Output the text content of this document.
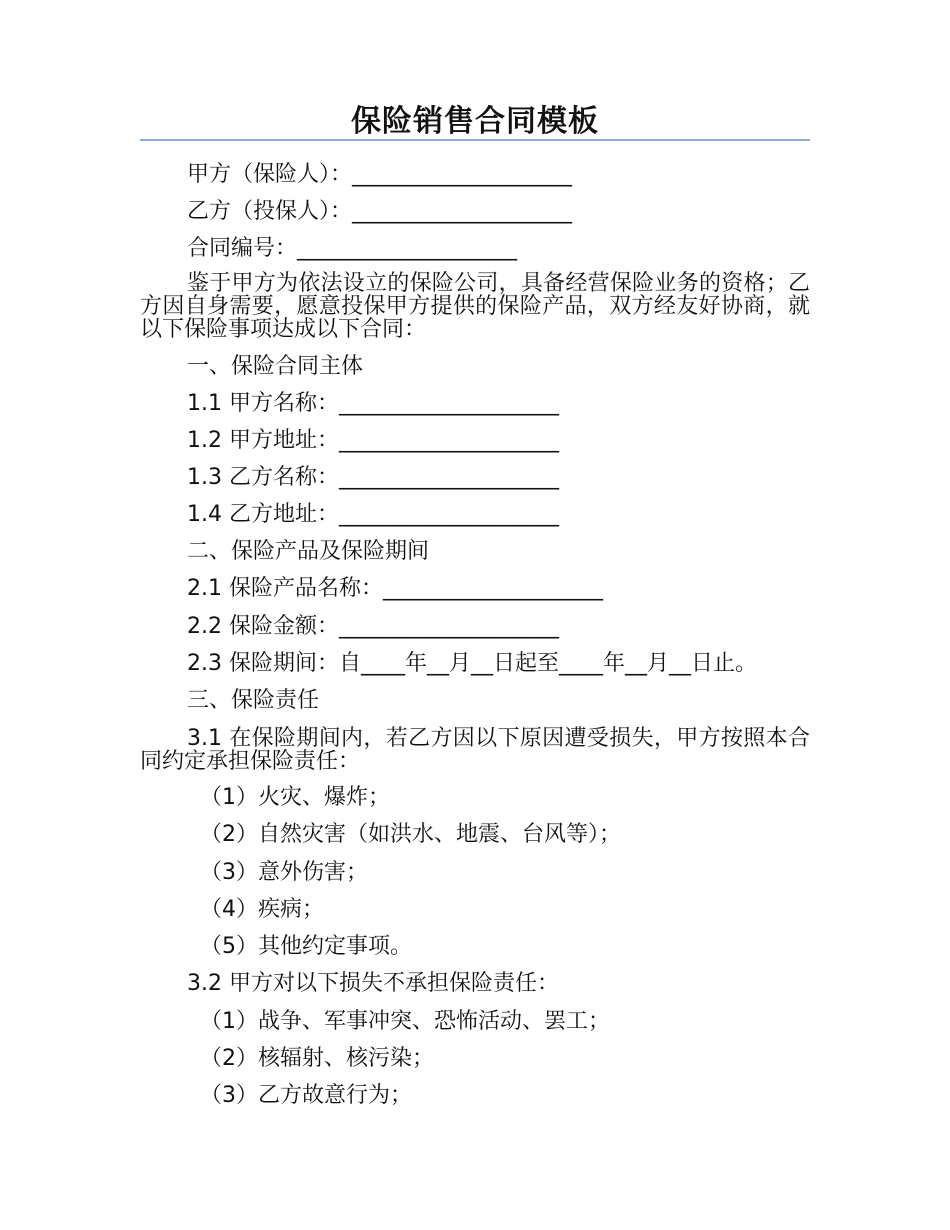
保险销售合同模板
甲方（保险人）：____________________
乙方（投保人）：____________________
合同编号：____________________
鉴于甲方为依法设立的保险公司，具备经营保险业务的资格；乙方因自身需要，愿意投保甲方提供的保险产品，双方经友好协商，就以下保险事项达成以下合同：
一、保险合同主体
1.1 甲方名称：____________________
1.2 甲方地址：____________________
1.3 乙方名称：____________________
1.4 乙方地址：____________________
二、保险产品及保险期间
2.1 保险产品名称：____________________
2.2 保险金额：____________________
2.3 保险期间：自____年__月__日起至____年__月__日止。
三、保险责任
3.1 在保险期间内，若乙方因以下原因遭受损失，甲方按照本合同约定承担保险责任：
（1）火灾、爆炸；
（2）自然灾害（如洪水、地震、台风等）；
（3）意外伤害；
（4）疾病；
（5）其他约定事项。
3.2 甲方对以下损失不承担保险责任：
（1）战争、军事冲突、恐怖活动、罢工；
（2）核辐射、核污染；
（3）乙方故意行为；
